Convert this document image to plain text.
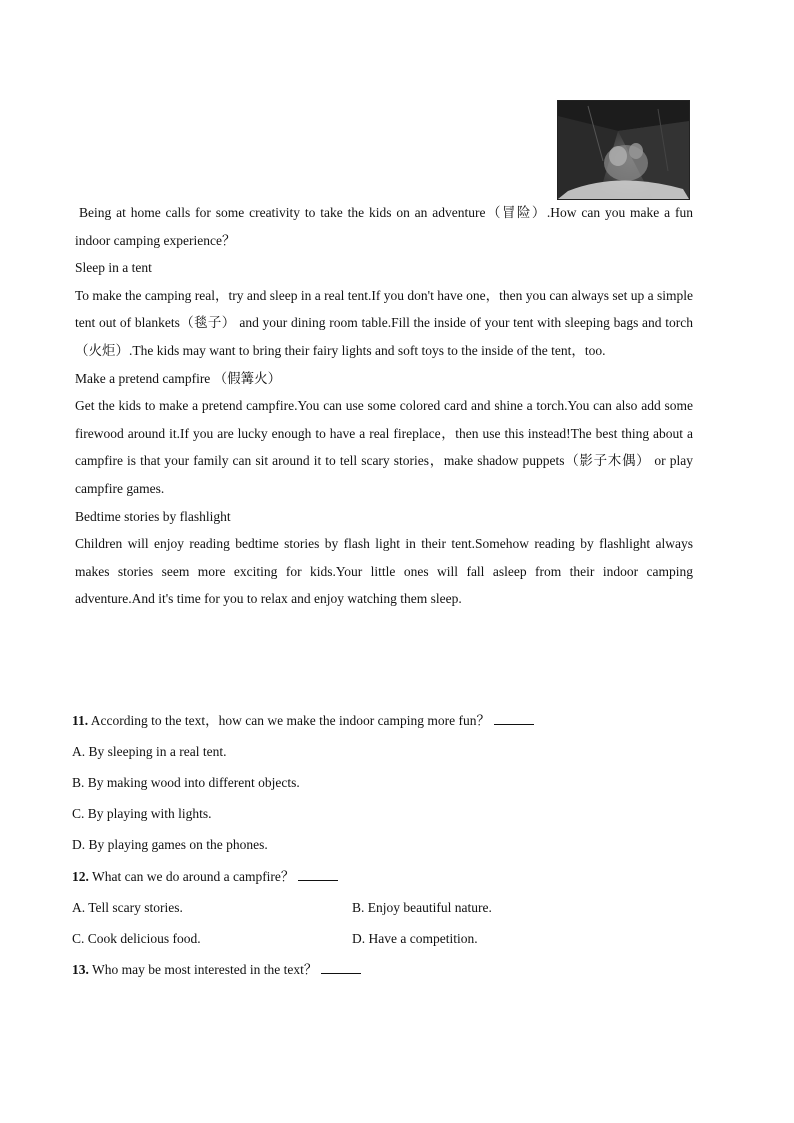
Being at home calls for some creativity to take the kids on an adventure（冒险）.How can you make a fun indoor camping experience？

Sleep in a tent

To make the camping real，try and sleep in a real tent.If you don't have one，then you can always set up a simple tent out of blankets（毯子） and your dining room table.Fill the inside of your tent with sleeping bags and torch（火炬）.The kids may want to bring their fairy lights and soft toys to the inside of the tent，too.

Make a pretend campfire （假篝火）

Get the kids to make a pretend campfire.You can use some colored card and shine a torch.You can also add some firewood around it.If you are lucky enough to have a real fireplace，then use this instead!The best thing about a campfire is that your family can sit around it to tell scary stories，make shadow puppets（影子木偶） or play campfire games.

Bedtime stories by flashlight

Children will enjoy reading bedtime stories by flash light in their tent.Somehow reading by flashlight always makes stories seem more exciting for kids.Your little ones will fall asleep from their indoor camping adventure.And it's time for you to relax and enjoy watching them sleep.

11. According to the text，how can we make the indoor camping more fun？
A. By sleeping in a real tent.
B. By making wood into different objects.
C. By playing with lights.
D. By playing games on the phones.
12. What can we do around a campfire？
A. Tell scary stories.	B. Enjoy beautiful nature.
C. Cook delicious food.	D. Have a competition.
13. Who may be most interested in the text？
